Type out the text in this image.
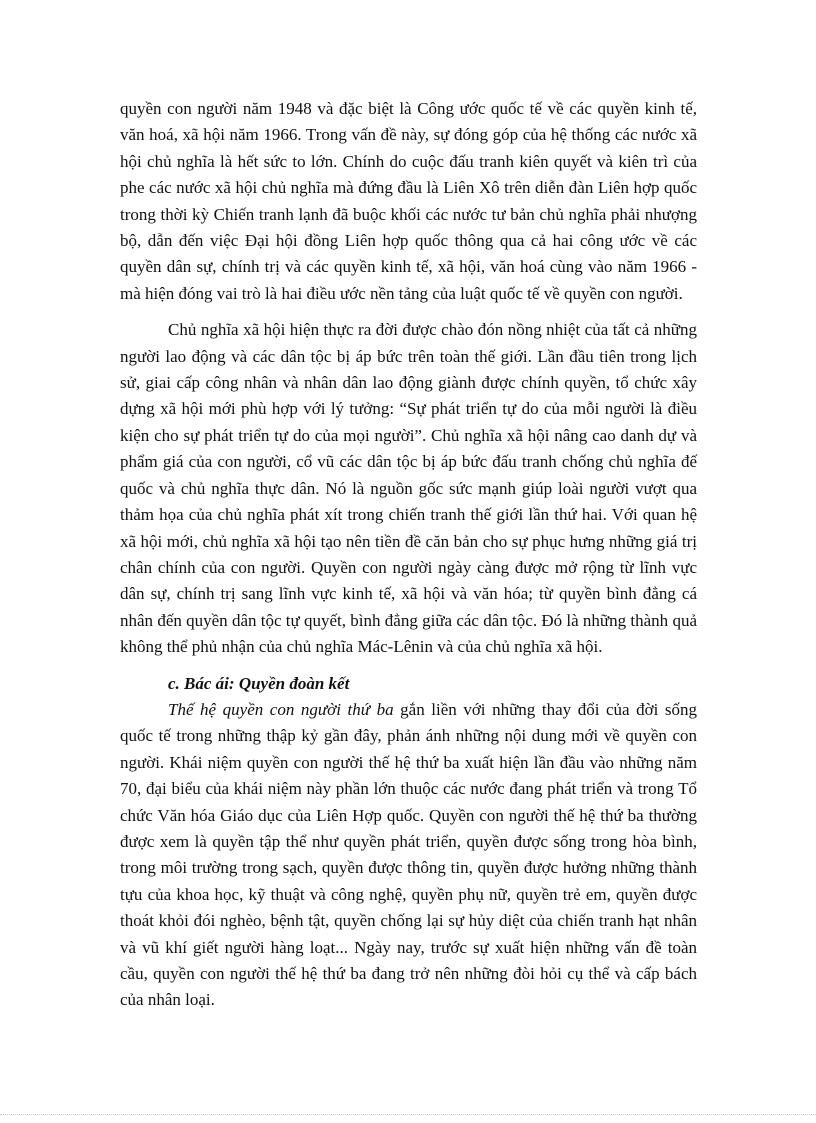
quyền con người năm 1948 và đặc biệt là Công ước quốc tế về các quyền kinh tế, văn hoá, xã hội năm 1966. Trong vấn đề này, sự đóng góp của hệ thống các nước xã hội chủ nghĩa là hết sức to lớn. Chính do cuộc đấu tranh kiên quyết và kiên trì của phe các nước xã hội chủ nghĩa mà đứng đầu là Liên Xô trên diễn đàn Liên hợp quốc trong thời kỳ Chiến tranh lạnh đã buộc khối các nước tư bản chủ nghĩa phải nhượng bộ, dẫn đến việc Đại hội đồng Liên hợp quốc thông qua cả hai công ước về các quyền dân sự, chính trị và các quyền kinh tế, xã hội, văn hoá cùng vào năm 1966 - mà hiện đóng vai trò là hai điều ước nền tảng của luật quốc tế về quyền con người.

Chủ nghĩa xã hội hiện thực ra đời được chào đón nồng nhiệt của tất cả những người lao động và các dân tộc bị áp bức trên toàn thế giới. Lần đầu tiên trong lịch sử, giai cấp công nhân và nhân dân lao động giành được chính quyền, tổ chức xây dựng xã hội mới phù hợp với lý tưởng: “Sự phát triển tự do của mỗi người là điều kiện cho sự phát triển tự do của mọi người”. Chủ nghĩa xã hội nâng cao danh dự và phẩm giá của con người, cổ vũ các dân tộc bị áp bức đấu tranh chống chủ nghĩa đế quốc và chủ nghĩa thực dân. Nó là nguồn gốc sức mạnh giúp loài người vượt qua thảm họa của chủ nghĩa phát xít trong chiến tranh thế giới lần thứ hai. Với quan hệ xã hội mới, chủ nghĩa xã hội tạo nên tiền đề căn bản cho sự phục hưng những giá trị chân chính của con người. Quyền con người ngày càng được mở rộng từ lĩnh vực dân sự, chính trị sang lĩnh vực kinh tế, xã hội và văn hóa; từ quyền bình đẳng cá nhân đến quyền dân tộc tự quyết, bình đẳng giữa các dân tộc. Đó là những thành quả không thể phủ nhận của chủ nghĩa Mác-Lênin và của chủ nghĩa xã hội.

c. Bác ái: Quyền đoàn kết

Thế hệ quyền con người thứ ba gắn liền với những thay đổi của đời sống quốc tế trong những thập kỷ gần đây, phản ánh những nội dung mới về quyền con người. Khái niệm quyền con người thế hệ thứ ba xuất hiện lần đầu vào những năm 70, đại biểu của khái niệm này phần lớn thuộc các nước đang phát triển và trong Tổ chức Văn hóa Giáo dục của Liên Hợp quốc. Quyền con người thế hệ thứ ba thường được xem là quyền tập thể như quyền phát triển, quyền được sống trong hòa bình, trong môi trường trong sạch, quyền được thông tin, quyền được hưởng những thành tựu của khoa học, kỹ thuật và công nghệ, quyền phụ nữ, quyền trẻ em, quyền được thoát khỏi đói nghèo, bệnh tật, quyền chống lại sự hủy diệt của chiến tranh hạt nhân và vũ khí giết người hàng loạt... Ngày nay, trước sự xuất hiện những vấn đề toàn cầu, quyền con người thế hệ thứ ba đang trở nên những đòi hỏi cụ thể và cấp bách của nhân loại.
